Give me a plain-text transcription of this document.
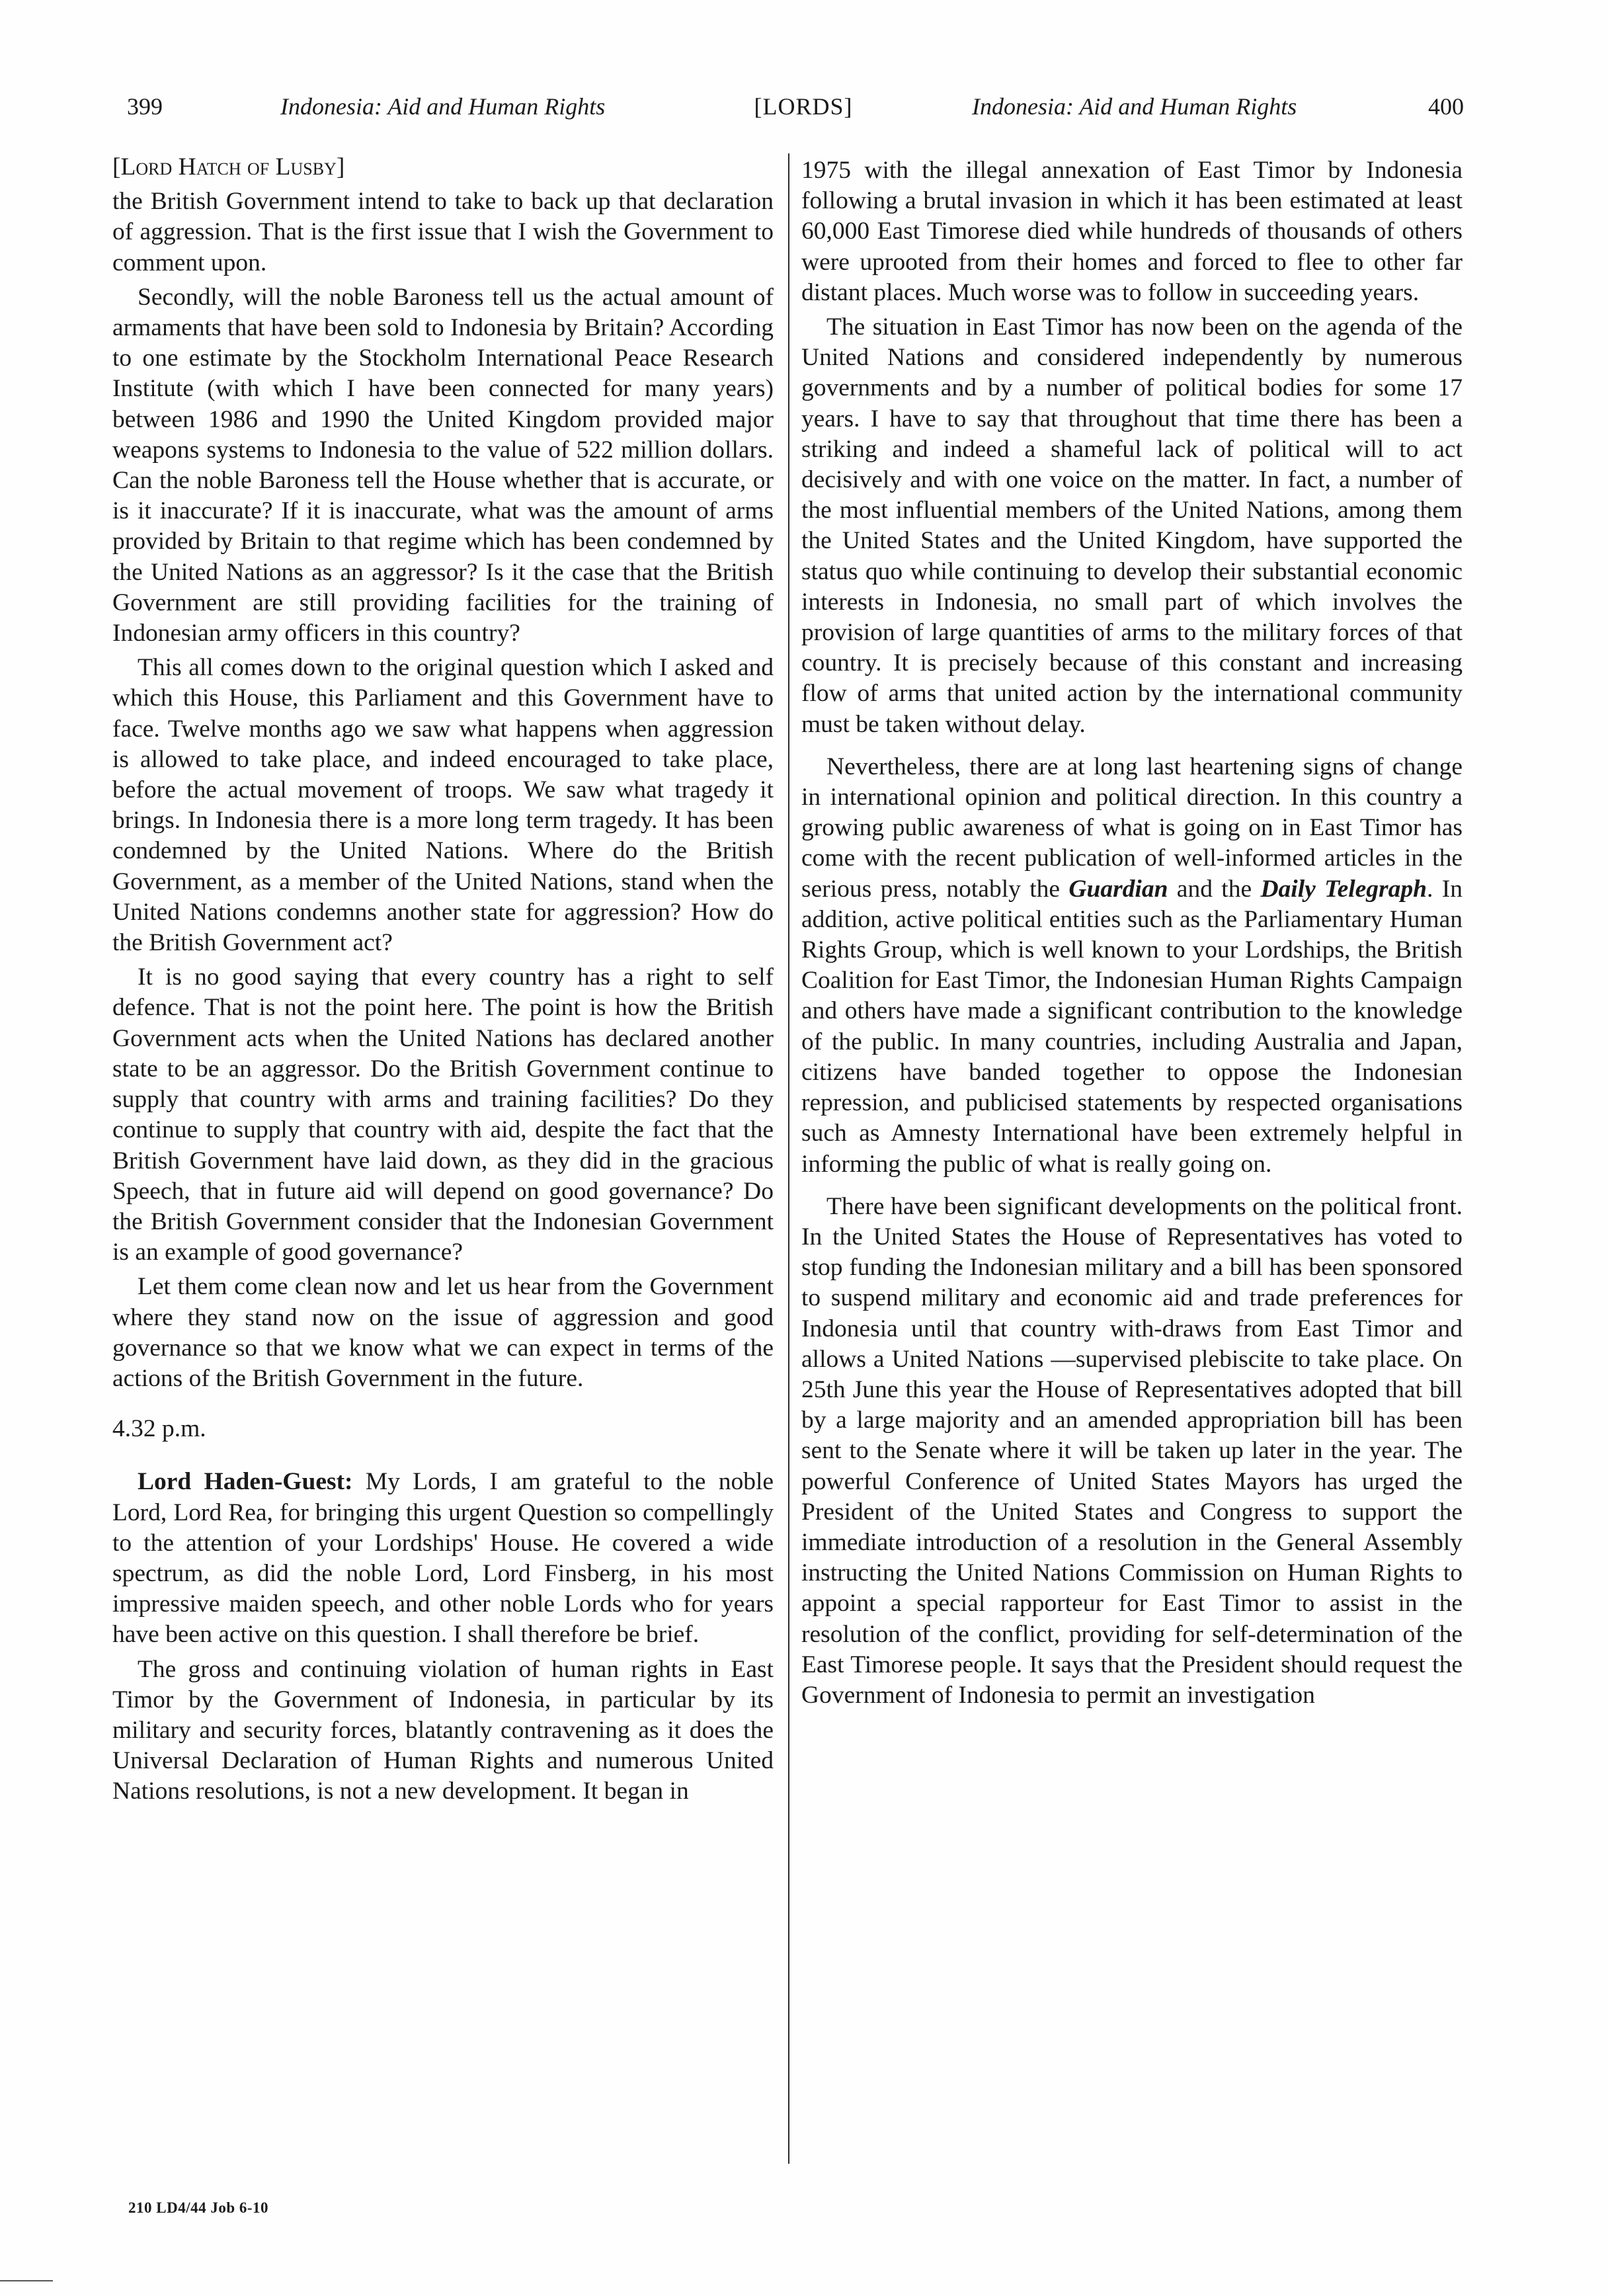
399	Indonesia: Aid and Human Rights	[LORDS]	Indonesia: Aid and Human Rights	400

[Lord Hatch of Lusby]

the British Government intend to take to back up that declaration of aggression. That is the first issue that I wish the Government to comment upon.

Secondly, will the noble Baroness tell us the actual amount of armaments that have been sold to Indonesia by Britain? According to one estimate by the Stockholm International Peace Research Institute (with which I have been connected for many years) between 1986 and 1990 the United Kingdom provided major weapons systems to Indonesia to the value of 522 million dollars. Can the noble Baroness tell the House whether that is accurate, or is it inaccurate? If it is inaccurate, what was the amount of arms provided by Britain to that regime which has been condemned by the United Nations as an aggressor? Is it the case that the British Government are still providing facilities for the training of Indonesian army officers in this country?

This all comes down to the original question which I asked and which this House, this Parliament and this Government have to face. Twelve months ago we saw what happens when aggression is allowed to take place, and indeed encouraged to take place, before the actual movement of troops. We saw what tragedy it brings. In Indonesia there is a more long term tragedy. It has been condemned by the United Nations. Where do the British Government, as a member of the United Nations, stand when the United Nations condemns another state for aggression? How do the British Government act?

It is no good saying that every country has a right to self defence. That is not the point here. The point is how the British Government acts when the United Nations has declared another state to be an aggressor. Do the British Government continue to supply that country with arms and training facilities? Do they continue to supply that country with aid, despite the fact that the British Government have laid down, as they did in the gracious Speech, that in future aid will depend on good governance? Do the British Government consider that the Indonesian Government is an example of good governance?

Let them come clean now and let us hear from the Government where they stand now on the issue of aggression and good governance so that we know what we can expect in terms of the actions of the British Government in the future.

4.32 p.m.

Lord Haden-Guest: My Lords, I am grateful to the noble Lord, Lord Rea, for bringing this urgent Question so compellingly to the attention of your Lordships' House. He covered a wide spectrum, as did the noble Lord, Lord Finsberg, in his most impressive maiden speech, and other noble Lords who for years have been active on this question. I shall therefore be brief.

The gross and continuing violation of human rights in East Timor by the Government of Indonesia, in particular by its military and security forces, blatantly contravening as it does the Universal Declaration of Human Rights and numerous United Nations resolutions, is not a new development. It began in

1975 with the illegal annexation of East Timor by Indonesia following a brutal invasion in which it has been estimated at least 60,000 East Timorese died while hundreds of thousands of others were uprooted from their homes and forced to flee to other far distant places. Much worse was to follow in succeeding years.

The situation in East Timor has now been on the agenda of the United Nations and considered independently by numerous governments and by a number of political bodies for some 17 years. I have to say that throughout that time there has been a striking and indeed a shameful lack of political will to act decisively and with one voice on the matter. In fact, a number of the most influential members of the United Nations, among them the United States and the United Kingdom, have supported the status quo while continuing to develop their substantial economic interests in Indonesia, no small part of which involves the provision of large quantities of arms to the military forces of that country. It is precisely because of this constant and increasing flow of arms that united action by the international community must be taken without delay.

Nevertheless, there are at long last heartening signs of change in international opinion and political direction. In this country a growing public awareness of what is going on in East Timor has come with the recent publication of well-informed articles in the serious press, notably the Guardian and the Daily Telegraph. In addition, active political entities such as the Parliamentary Human Rights Group, which is well known to your Lordships, the British Coalition for East Timor, the Indonesian Human Rights Campaign and others have made a significant contribution to the knowledge of the public. In many countries, including Australia and Japan, citizens have banded together to oppose the Indonesian repression, and publicised statements by respected organisations such as Amnesty International have been extremely helpful in informing the public of what is really going on.

There have been significant developments on the political front. In the United States the House of Representatives has voted to stop funding the Indonesian military and a bill has been sponsored to suspend military and economic aid and trade preferences for Indonesia until that country with-draws from East Timor and allows a United Nations —supervised plebiscite to take place. On 25th June this year the House of Representatives adopted that bill by a large majority and an amended appropriation bill has been sent to the Senate where it will be taken up later in the year. The powerful Conference of United States Mayors has urged the President of the United States and Congress to support the immediate introduction of a resolution in the General Assembly instructing the United Nations Commission on Human Rights to appoint a special rapporteur for East Timor to assist in the resolution of the conflict, providing for self-determination of the East Timorese people. It says that the President should request the Government of Indonesia to permit an investigation

210 LD4/44 Job 6-10
